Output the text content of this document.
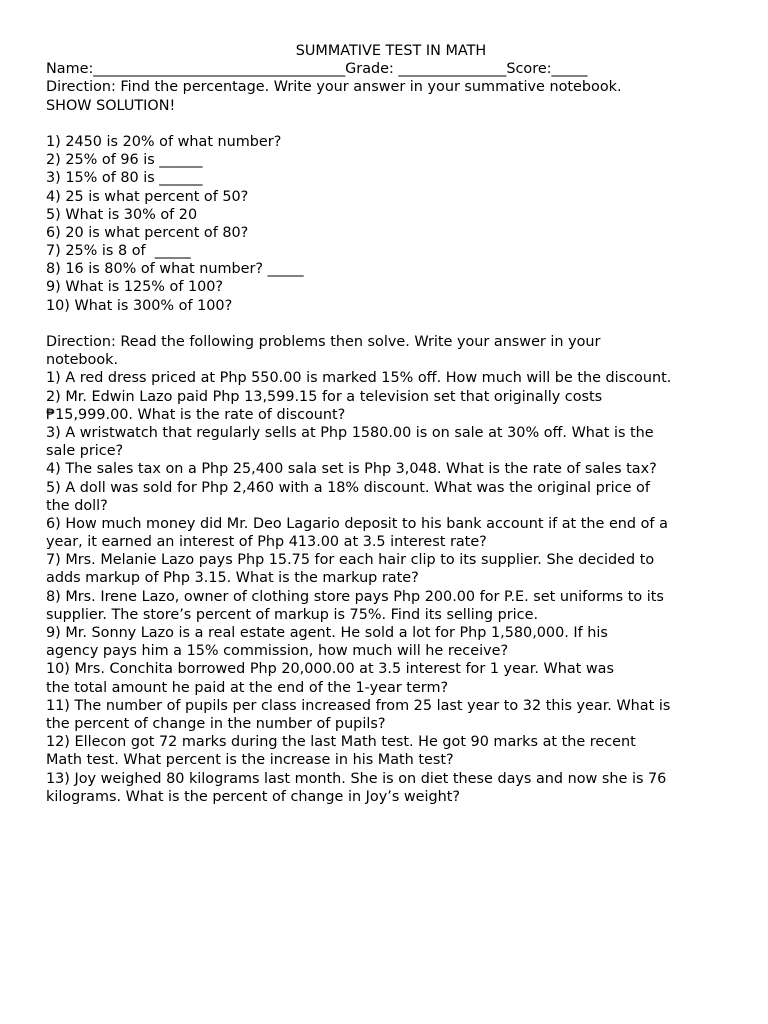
SUMMATIVE TEST IN MATH
Name:___________________________________Grade: _______________Score:_____
Direction: Find the percentage. Write your answer in your summative notebook.
SHOW SOLUTION!
1) 2450 is 20% of what number?
2) 25% of 96 is ______
3) 15% of 80 is ______
4) 25 is what percent of 50?
5) What is 30% of 20
6) 20 is what percent of 80?
7) 25% is 8 of  _____
8) 16 is 80% of what number? _____
9) What is 125% of 100?
10) What is 300% of 100?
Direction: Read the following problems then solve. Write your answer in your
notebook.
1) A red dress priced at Php 550.00 is marked 15% off. How much will be the discount.
2) Mr. Edwin Lazo paid Php 13,599.15 for a television set that originally costs
₱15,999.00. What is the rate of discount?
3) A wristwatch that regularly sells at Php 1580.00 is on sale at 30% off. What is the
sale price?
4) The sales tax on a Php 25,400 sala set is Php 3,048. What is the rate of sales tax?
5) A doll was sold for Php 2,460 with a 18% discount. What was the original price of
the doll?
6) How much money did Mr. Deo Lagario deposit to his bank account if at the end of a
year, it earned an interest of Php 413.00 at 3.5 interest rate?
7) Mrs. Melanie Lazo pays Php 15.75 for each hair clip to its supplier. She decided to
adds markup of Php 3.15. What is the markup rate?
8) Mrs. Irene Lazo, owner of clothing store pays Php 200.00 for P.E. set uniforms to its
supplier. The store’s percent of markup is 75%. Find its selling price.
9) Mr. Sonny Lazo is a real estate agent. He sold a lot for Php 1,580,000. If his
agency pays him a 15% commission, how much will he receive?
10) Mrs. Conchita borrowed Php 20,000.00 at 3.5 interest for 1 year. What was
the total amount he paid at the end of the 1-year term?
11) The number of pupils per class increased from 25 last year to 32 this year. What is
the percent of change in the number of pupils?
12) Ellecon got 72 marks during the last Math test. He got 90 marks at the recent
Math test. What percent is the increase in his Math test?
13) Joy weighed 80 kilograms last month. She is on diet these days and now she is 76
kilograms. What is the percent of change in Joy’s weight?
